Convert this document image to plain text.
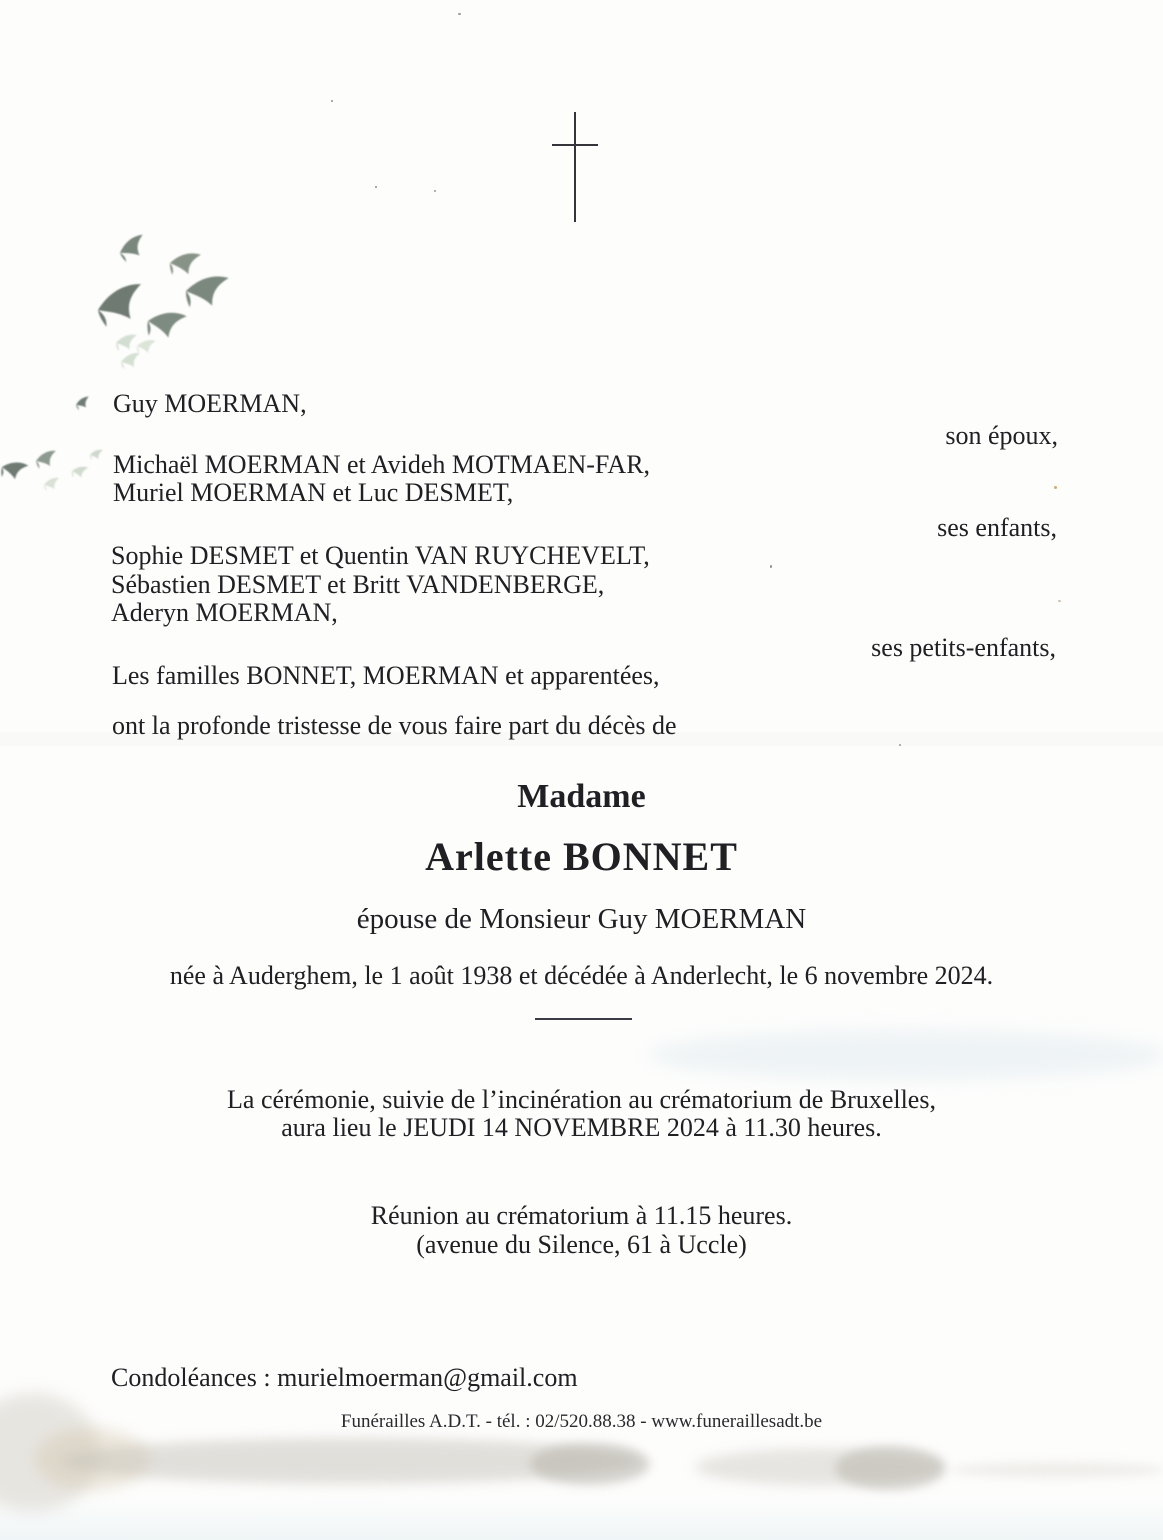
Guy MOERMAN,
son époux,
Michaël MOERMAN et Avideh MOTMAEN-FAR,
Muriel MOERMAN et Luc DESMET,
ses enfants,
Sophie DESMET et Quentin VAN RUYCHEVELT,
Sébastien DESMET et Britt VANDENBERGE,
Aderyn MOERMAN,
ses petits-enfants,
Les familles BONNET, MOERMAN et apparentées,
ont la profonde tristesse de vous faire part du décès de
Madame
Arlette BONNET
épouse de Monsieur Guy MOERMAN
née à Auderghem, le 1 août 1938 et décédée à Anderlecht, le 6 novembre 2024.
La cérémonie, suivie de l’incinération au crématorium de Bruxelles,
aura lieu le JEUDI 14 NOVEMBRE 2024 à 11.30 heures.
Réunion au crématorium à 11.15 heures.
(avenue du Silence, 61 à Uccle)
Condoléances : murielmoerman@gmail.com
Funérailles A.D.T. - tél. : 02/520.88.38 - www.funeraillesadt.be
